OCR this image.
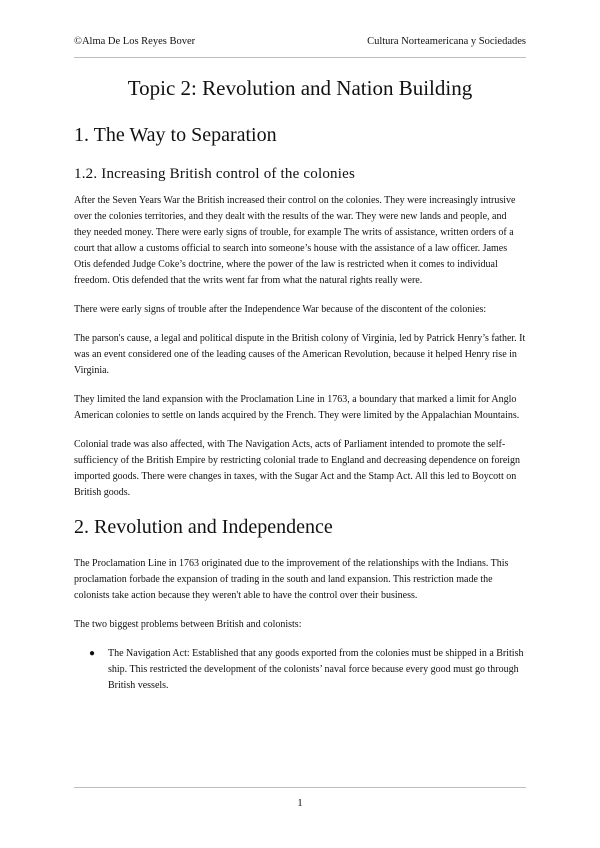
©Alma De Los Reyes Bover	Cultura Norteamericana y Sociedades
Topic 2: Revolution and Nation Building
1. The Way to Separation
1.2. Increasing British control of the colonies

After the Seven Years War the British increased their control on the colonies. They were increasingly intrusive over the colonies territories, and they dealt with the results of the war. They were new lands and people, and they needed money. There were early signs of trouble, for example The writs of assistance, written orders of a court that allow a customs official to search into someone’s house with the assistance of a law officer. James Otis defended Judge Coke’s doctrine, where the power of the law is restricted when it comes to individual freedom. Otis defended that the writs went far from what the natural rights really were.

There were early signs of trouble after the Independence War because of the discontent of the colonies:

The parson's cause, a legal and political dispute in the British colony of Virginia, led by Patrick Henry’s father. It was an event considered one of the leading causes of the American Revolution, because it helped Henry rise in Virginia.

They limited the land expansion with the Proclamation Line in 1763, a boundary that marked a limit for Anglo American colonies to settle on lands acquired by the French. They were limited by the Appalachian Mountains.

Colonial trade was also affected, with The Navigation Acts, acts of Parliament intended to promote the self-sufficiency of the British Empire by restricting colonial trade to England and decreasing dependence on foreign imported goods. There were changes in taxes, with the Sugar Act and the Stamp Act. All this led to Boycott on British goods.

2. Revolution and Independence

The Proclamation Line in 1763 originated due to the improvement of the relationships with the Indians. This proclamation forbade the expansion of trading in the south and land expansion. This restriction made the colonists take action because they weren't able to have the control over their business.

The two biggest problems between British and colonists:

● The Navigation Act: Established that any goods exported from the colonies must be shipped in a British ship. This restricted the development of the colonists’ naval force because every good must go through British vessels.
1
